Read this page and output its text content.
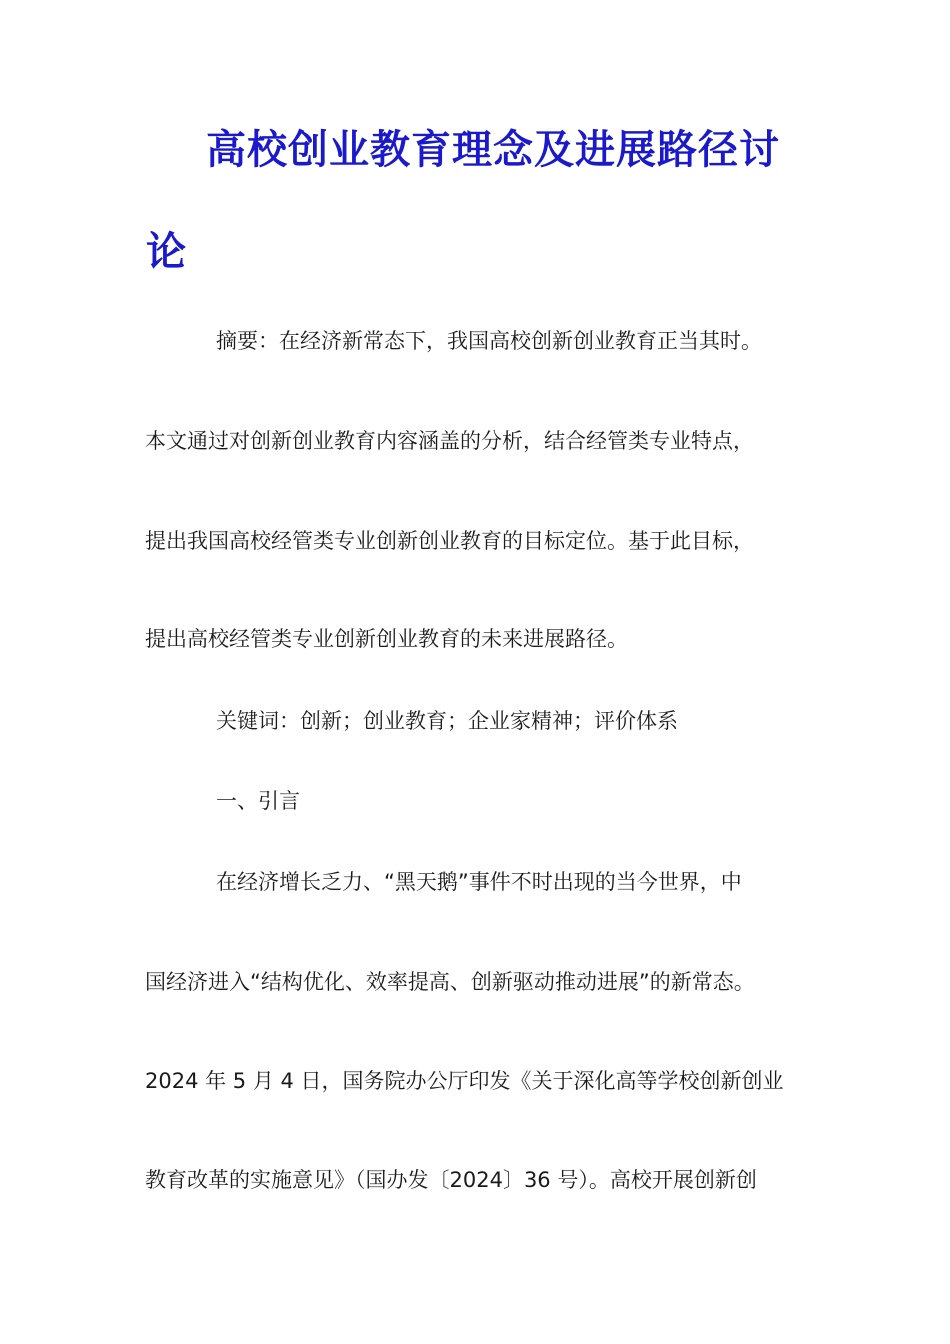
高校创业教育理念及进展路径讨
论
摘要：在经济新常态下，我国高校创新创业教育正当其时。
本文通过对创新创业教育内容涵盖的分析，结合经管类专业特点，
提出我国高校经管类专业创新创业教育的目标定位。基于此目标，
提出高校经管类专业创新创业教育的未来进展路径。
关键词：创新；创业教育；企业家精神；评价体系
一、引言
在经济增长乏力、“黑天鹅”事件不时出现的当今世界，中
国经济进入“结构优化、效率提高、创新驱动推动进展”的新常态。
2024 年 5 月 4 日，国务院办公厅印发《关于深化高等学校创新创业
教育改革的实施意见》（国办发〔2024〕36 号）。高校开展创新创
